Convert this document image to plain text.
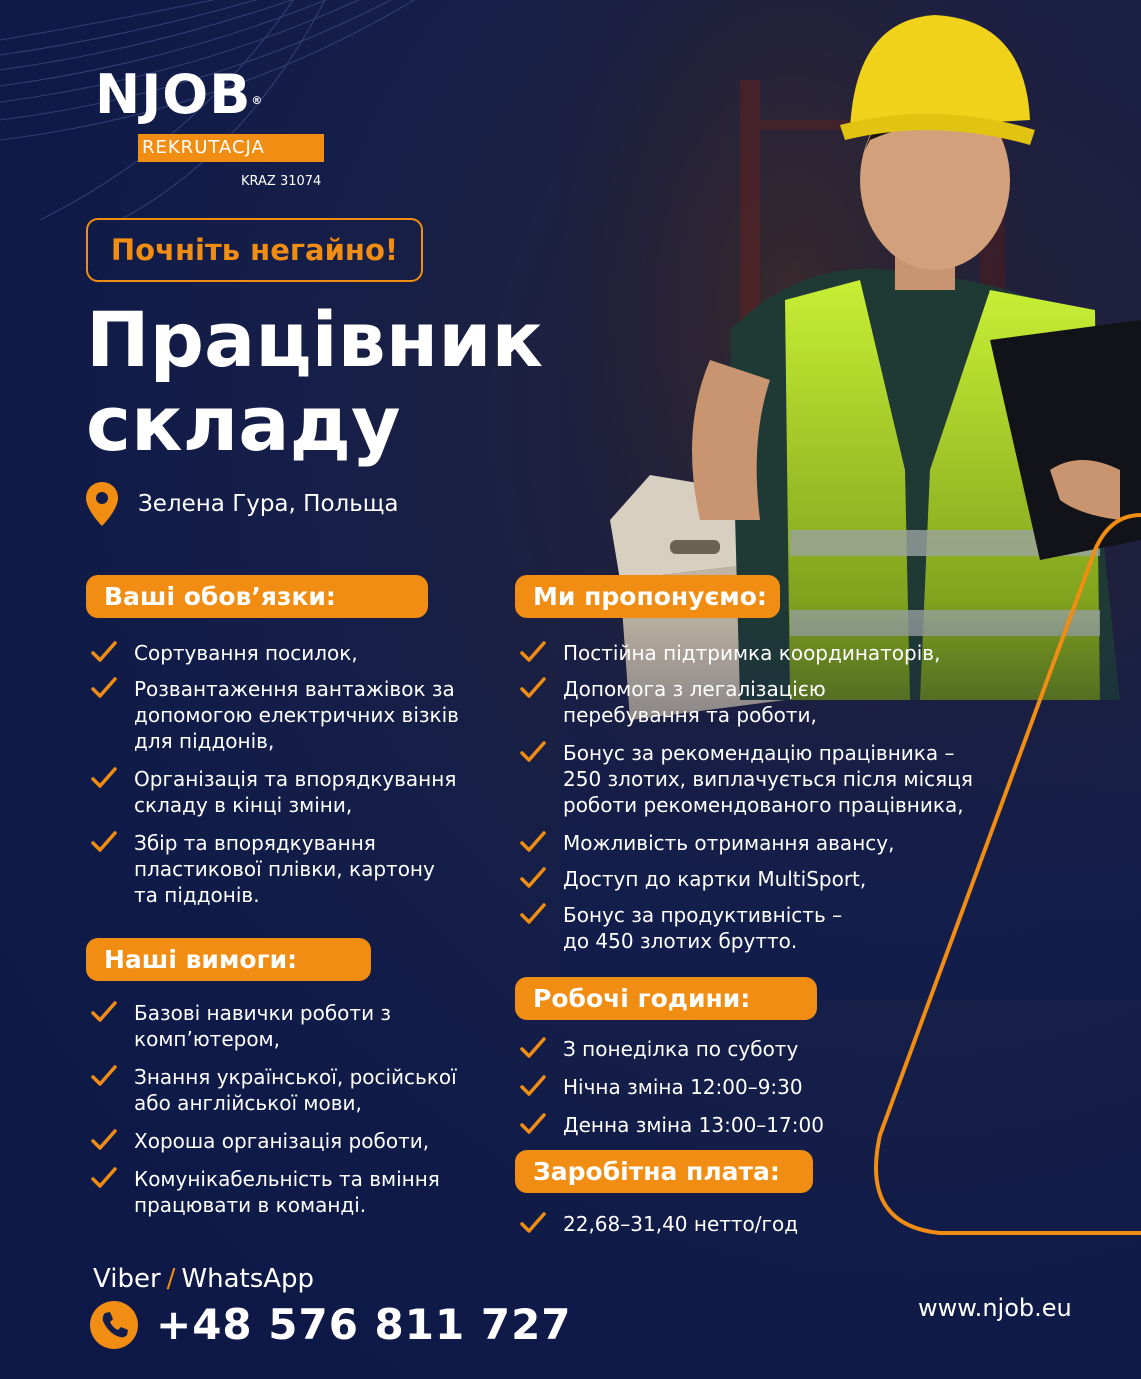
NJOB®
REKRUTACJA
KRAZ 31074
Почніть негайно!
Працівник
складу
Зелена Гура, Польща
Ваші обов’язки:
Сортування посилок,
Розвантаження вантажівок за
допомогою електричних візків
для піддонів,
Організація та впорядкування
складу в кінці зміни,
Збір та впорядкування
пластикової плівки, картону
та піддонів.
Наші вимоги:
Базові навички роботи з
комп’ютером,
Знання української, російської
або англійської мови,
Хороша організація роботи,
Комунікабельність та вміння
працювати в команді.
Ми пропонуємо:
Постійна підтримка координаторів,
Допомога з легалізацією
перебування та роботи,
Бонус за рекомендацію працівника –
250 злотих, виплачується після місяця
роботи рекомендованого працівника,
Можливість отримання авансу,
Доступ до картки MultiSport,
Бонус за продуктивність –
до 450 злотих брутто.
Робочі години:
З понеділка по суботу
Нічна зміна 12:00–9:30
Денна зміна 13:00–17:00
Заробітна плата:
22,68–31,40 нетто/год
Viber / WhatsApp
+48 576 811 727	www.njob.eu
